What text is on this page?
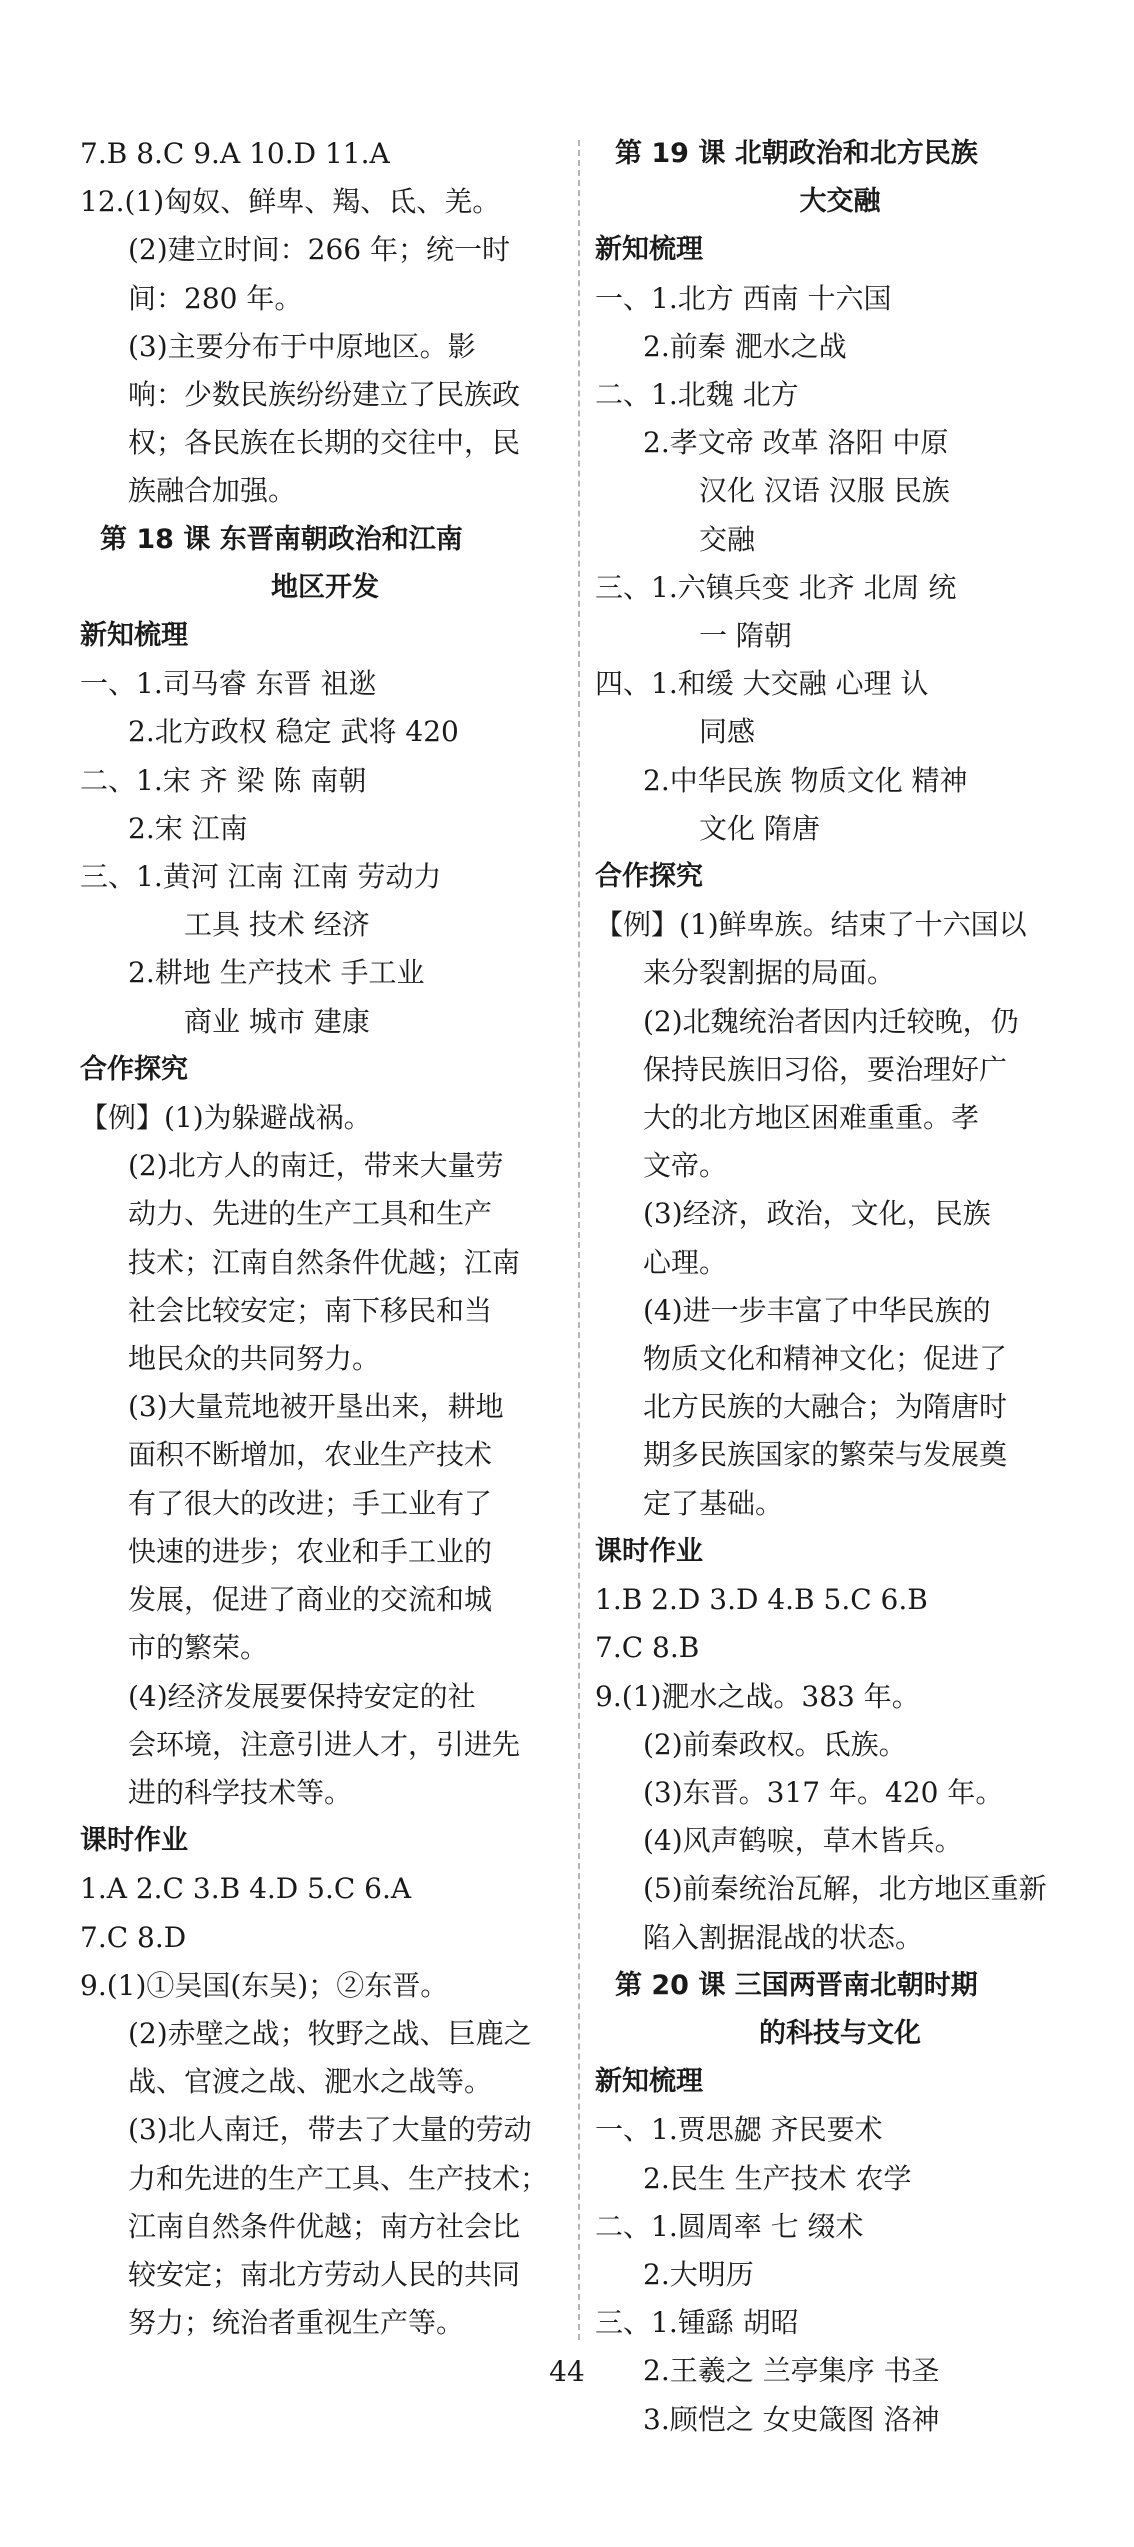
7.B 8.C 9.A 10.D 11.A
12.(1)匈奴、鲜卑、羯、氐、羌。
(2)建立时间：266 年；统一时
间：280 年。
(3)主要分布于中原地区。影
响：少数民族纷纷建立了民族政
权；各民族在长期的交往中，民
族融合加强。
第 18 课 东晋南朝政治和江南
地区开发
新知梳理
一、1.司马睿 东晋 祖逖
2.北方政权 稳定 武将 420
二、1.宋 齐 梁 陈 南朝
2.宋 江南
三、1.黄河 江南 江南 劳动力
工具 技术 经济
2.耕地 生产技术 手工业
商业 城市 建康
合作探究
【例】(1)为躲避战祸。
(2)北方人的南迁，带来大量劳
动力、先进的生产工具和生产
技术；江南自然条件优越；江南
社会比较安定；南下移民和当
地民众的共同努力。
(3)大量荒地被开垦出来，耕地
面积不断增加，农业生产技术
有了很大的改进；手工业有了
快速的进步；农业和手工业的
发展，促进了商业的交流和城
市的繁荣。
(4)经济发展要保持安定的社
会环境，注意引进人才，引进先
进的科学技术等。
课时作业
1.A 2.C 3.B 4.D 5.C 6.A
7.C 8.D
9.(1)①吴国(东吴)；②东晋。
(2)赤壁之战；牧野之战、巨鹿之
战、官渡之战、淝水之战等。
(3)北人南迁，带去了大量的劳动
力和先进的生产工具、生产技术；
江南自然条件优越；南方社会比
较安定；南北方劳动人民的共同
努力；统治者重视生产等。
第 19 课 北朝政治和北方民族
大交融
新知梳理
一、1.北方 西南 十六国
2.前秦 淝水之战
二、1.北魏 北方
2.孝文帝 改革 洛阳 中原
汉化 汉语 汉服 民族
交融
三、1.六镇兵变 北齐 北周 统
一 隋朝
四、1.和缓 大交融 心理 认
同感
2.中华民族 物质文化 精神
文化 隋唐
合作探究
【例】(1)鲜卑族。结束了十六国以
来分裂割据的局面。
(2)北魏统治者因内迁较晚，仍
保持民族旧习俗，要治理好广
大的北方地区困难重重。孝
文帝。
(3)经济，政治，文化，民族
心理。
(4)进一步丰富了中华民族的
物质文化和精神文化；促进了
北方民族的大融合；为隋唐时
期多民族国家的繁荣与发展奠
定了基础。
课时作业
1.B 2.D 3.D 4.B 5.C 6.B
7.C 8.B
9.(1)淝水之战。383 年。
(2)前秦政权。氐族。
(3)东晋。317 年。420 年。
(4)风声鹤唳，草木皆兵。
(5)前秦统治瓦解，北方地区重新
陷入割据混战的状态。
第 20 课 三国两晋南北朝时期
的科技与文化
新知梳理
一、1.贾思勰 齐民要术
2.民生 生产技术 农学
二、1.圆周率 七 缀术
2.大明历
三、1.锺繇 胡昭
2.王羲之 兰亭集序 书圣
3.顾恺之 女史箴图 洛神
44
